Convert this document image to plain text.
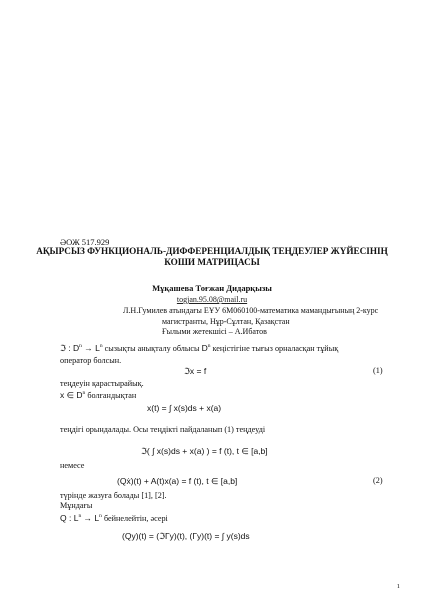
ӘОЖ 517.929
АҚЫРСЫЗ ФУНКЦИОНАЛЬ-ДИФФЕРЕНЦИАЛДЫҚ ТЕҢДЕУЛЕР ЖҮЙЕСІНІҢ
КОШИ МАТРИЦАСЫ
Мұқашева Тоғжан Дидарқызы
togjan.95.08@mail.ru
Л.Н.Гумилев атындағы ЕҰУ 6М060100-математика мамандығының 2-курс
магистранты, Нұр-Сұлтан, Қазақстан
Ғылыми жетекшісі – А.Ибатов
ℑ : $D^n \to L^n$ сызықты анықталу облысы $D^n$ кеңістігіне тығыз орналасқан тұйық
оператор болсын.
ℑx = f	(1)
теңдеуін қарастырайық.
x ∈ $D^n$ болғандықтан
x(t) = ∫ x(s)ds + x(a)
теңдігі орындалады. Осы теңдікті пайдаланып (1) теңдеуді
ℑ( ∫ x(s)ds + x(a) ) = f (t), t ∈ [a,b]
немесе
(Qẋ)(t) + A(t)x(a) = f (t), t ∈ [a,b]	(2)
түрінде жазуға болады [1], [2].
Мұндағы
Q : $L^n \to L^n$ бейнелейтін, әсері
(Qy)(t) = (ℑΓy)(t), (Γy)(t) = ∫ y(s)ds
1
